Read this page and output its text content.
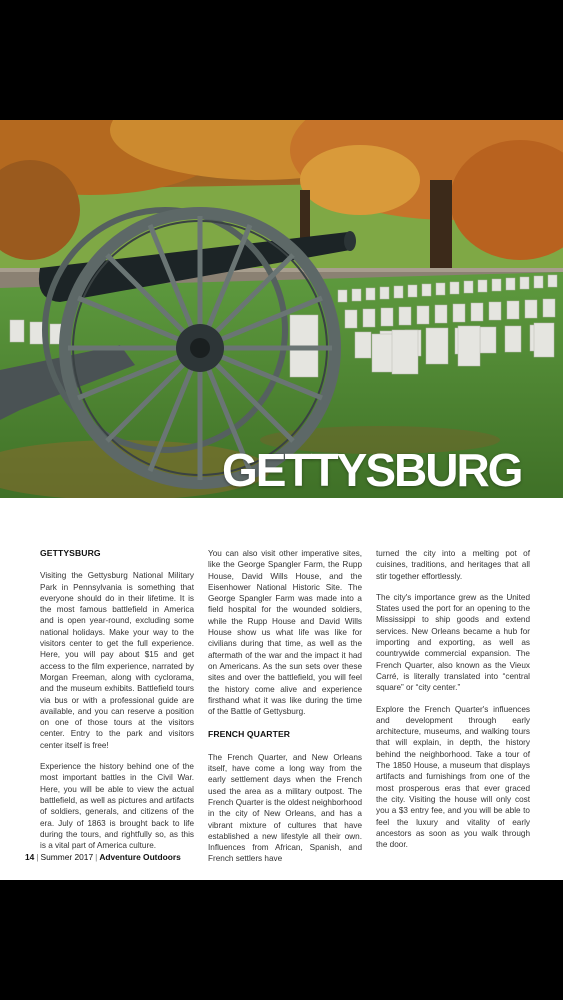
GETTYSBURG
GETTYSBURG

Visiting the Gettysburg National Military Park in Pennsylvania is something that everyone should do in their lifetime. It is the most famous battlefield in America and is open year-round, excluding some national holidays. Make your way to the visitors center to get the full experience. Here, you will pay about $15 and get access to the film experience, narrated by Morgan Freeman, along with cyclorama, and the museum exhibits. Battlefield tours via bus or with a professional guide are available, and you can reserve a position on one of those tours at the visitors center. Entry to the park and visitors center itself is free!

Experience the history behind one of the most important battles in the Civil War. Here, you will be able to view the actual battlefield, as well as pictures and artifacts of soldiers, generals, and citizens of the era. July of 1863 is brought back to life during the tours, and rightfully so, as this is a vital part of America culture.

You can also visit other imperative sites, like the George Spangler Farm, the Rupp House, David Wills House, and the Eisenhower National Historic Site. The George Spangler Farm was made into a field hospital for the wounded soldiers, while the Rupp House and David Wills House show us what life was like for civilians during that time, as well as the aftermath of the war and the impact it had on Americans. As the sun sets over these sites and over the battlefield, you will feel the history come alive and experience firsthand what it was like during the time of the Battle of Gettysburg.

FRENCH QUARTER

The French Quarter, and New Orleans itself, have come a long way from the early settlement days when the French used the area as a military outpost. The French Quarter is the oldest neighborhood in the city of New Orleans, and has a vibrant mixture of cultures that have established a new lifestyle all their own. Influences from African, Spanish, and French settlers have

turned the city into a melting pot of cuisines, traditions, and heritages that all stir together effortlessly.

The city's importance grew as the United States used the port for an opening to the Mississippi to ship goods and extend services. New Orleans became a hub for importing and exporting, as well as countrywide commercial expansion. The French Quarter, also known as the Vieux Carré, is literally translated into “central square” or “city center.”

Explore the French Quarter's influences and development through early architecture, museums, and walking tours that will explain, in depth, the history behind the neighborhood. Take a tour of The 1850 House, a museum that displays artifacts and furnishings from one of the most prosperous eras that ever graced the city. Visiting the house will only cost you a $3 entry fee, and you will be able to feel the luxury and vitality of early ancestors as soon as you walk through the door.

14 | Summer 2017 | Adventure Outdoors
